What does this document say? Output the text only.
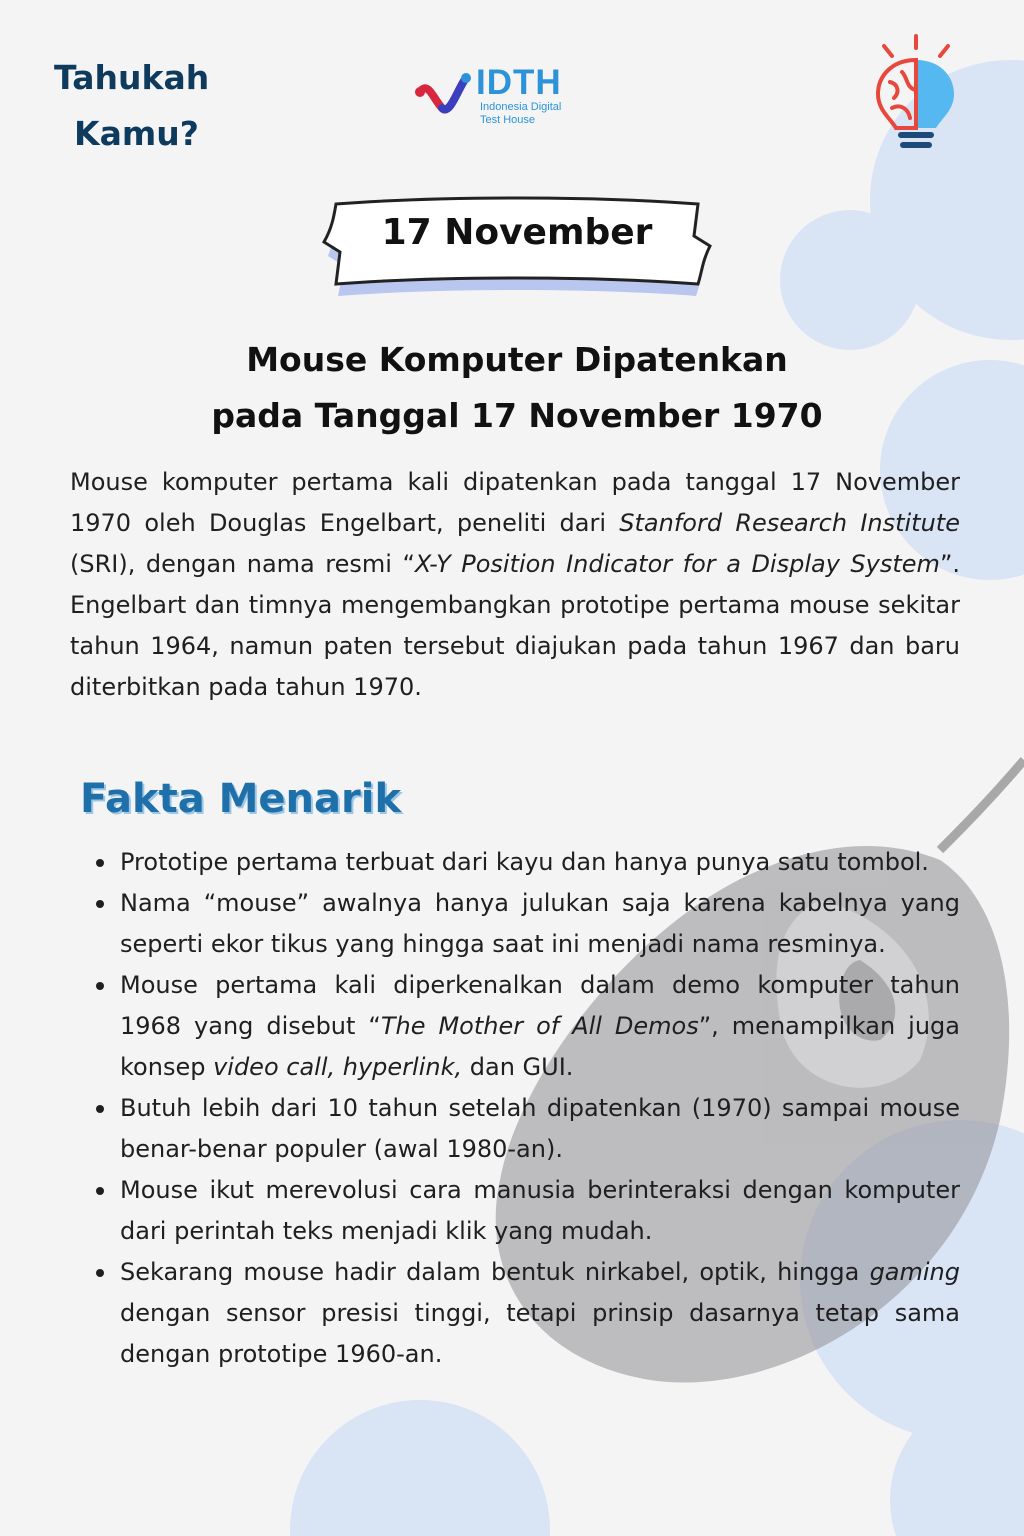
Tahukah
Kamu?
IDTH
Indonesia Digital
Test House
17 November
Mouse Komputer Dipatenkan
pada Tanggal 17 November 1970
Mouse komputer pertama kali dipatenkan pada tanggal 17 November 1970 oleh Douglas Engelbart, peneliti dari Stanford Research Institute (SRI), dengan nama resmi “X-Y Position Indicator for a Display System”. Engelbart dan timnya mengembangkan prototipe pertama mouse sekitar tahun 1964, namun paten tersebut diajukan pada tahun 1967 dan baru diterbitkan pada tahun 1970.
Fakta Menarik
Prototipe pertama terbuat dari kayu dan hanya punya satu tombol.
Nama “mouse” awalnya hanya julukan saja karena kabelnya yang seperti ekor tikus yang hingga saat ini menjadi nama resminya.
Mouse pertama kali diperkenalkan dalam demo komputer tahun 1968 yang disebut “The Mother of All Demos”, menampilkan juga konsep video call, hyperlink, dan GUI.
Butuh lebih dari 10 tahun setelah dipatenkan (1970) sampai mouse benar-benar populer (awal 1980-an).
Mouse ikut merevolusi cara manusia berinteraksi dengan komputer dari perintah teks menjadi klik yang mudah.
Sekarang mouse hadir dalam bentuk nirkabel, optik, hingga gaming dengan sensor presisi tinggi, tetapi prinsip dasarnya tetap sama dengan prototipe 1960-an.
